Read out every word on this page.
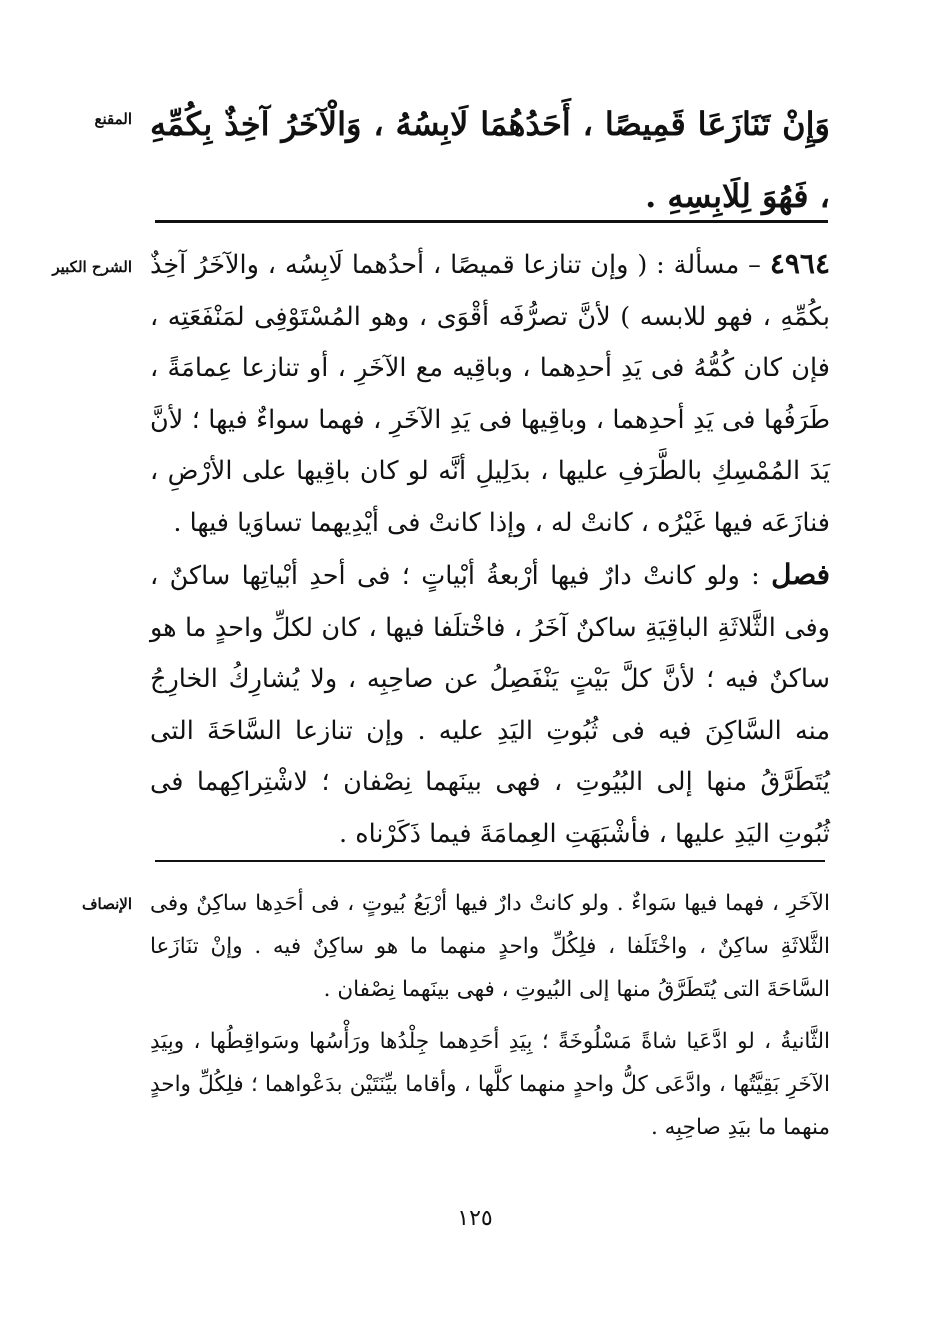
المقنع وَإِنْ تَنَازَعَا قَمِيصًا ، أَحَدُهُمَا لَابِسُهُ ، وَالْآخَرُ آخِذٌ بِكُمِّهِ ، فَهُوَ لِلَابِسِهِ .
الشرح الكبير	٤٩٦٤ – مسألة : ( وإن تنازعا قميصًا ، أحدُهما لَابِسُه ، والآخَرُ آخِذٌ بكُمِّهِ ، فهو للابسه ) لأنَّ تصرُّفَه أقْوَى ، وهو المُسْتَوْفِى لمَنْفَعَتِه ، فإن كان كُمُّهُ فى يَدِ أحدِهما ، وباقِيه مع الآخَرِ ، أو تنازعا عِمامَةً ، طَرَفُها فى يَدِ أحدِهما ، وباقِيها فى يَدِ الآخَرِ ، فهما سواءٌ فيها ؛ لأنَّ يَدَ المُمْسِكِ بالطَّرَفِ عليها ، بدَلِيلِ أنَّه لو كان باقِيها على الأرْضِ ، فنازَعَه فيها غَيْرُه ، كانتْ له ، وإذا كانتْ فى أيْدِيهما تساوَيا فيها .

فصل : ولو كانتْ دارٌ فيها أرْبعةُ أبْياتٍ ؛ فى أحدِ أبْياتِها ساكنٌ ، وفى الثَّلاثَةِ الباقِيَةِ ساكنٌ آخَرُ ، فاخْتلَفا فيها ، كان لكلِّ واحدٍ ما هو ساكنٌ فيه ؛ لأنَّ كلَّ بَيْتٍ يَنْفَصِلُ عن صاحِبِه ، ولا يُشارِكُ الخارِجُ منه السَّاكِنَ فيه فى ثُبُوتِ اليَدِ عليه . وإن تنازعا السَّاحَةَ التى يُتَطَرَّقُ منها إلى البُيُوتِ ، فهى بينَهما نِصْفان ؛ لاشْتِراكِهما فى ثُبُوتِ اليَدِ عليها ، فأشْبَهَتِ العِمامَةَ فيما ذَكَرْناه .

الإنصاف الآخَرِ ، فهما فيها سَواءٌ . ولو كانتْ دارٌ فيها أرْبَعُ بُيوتٍ ، فى أحَدِها ساكِنٌ وفى الثَّلاثَةِ ساكِنٌ ، واخْتَلَفا ، فلِكُلِّ واحدٍ منهما ما هو ساكِنٌ فيه . وإنْ تنَازَعا السَّاحَةَ التى يُتَطَرَّقُ منها إلى البُيوتِ ، فهى بينَهما نِصْفان .

الثَّانيةُ ، لو ادَّعَيا شاةً مَسْلُوخَةً ؛ بِيَدِ أحَدِهما جِلْدُها ورَأْسُها وسَواقِطُها ، وبِيَدِ الآخَرِ بَقِيَّتُها ، وادَّعَى كلُّ واحدٍ منهما كلَّها ، وأقاما بيِّنَتَيْن بدَعْواهما ؛ فلِكُلِّ واحدٍ منهما ما بيَدِ صاحِبِه .

١٢٥
